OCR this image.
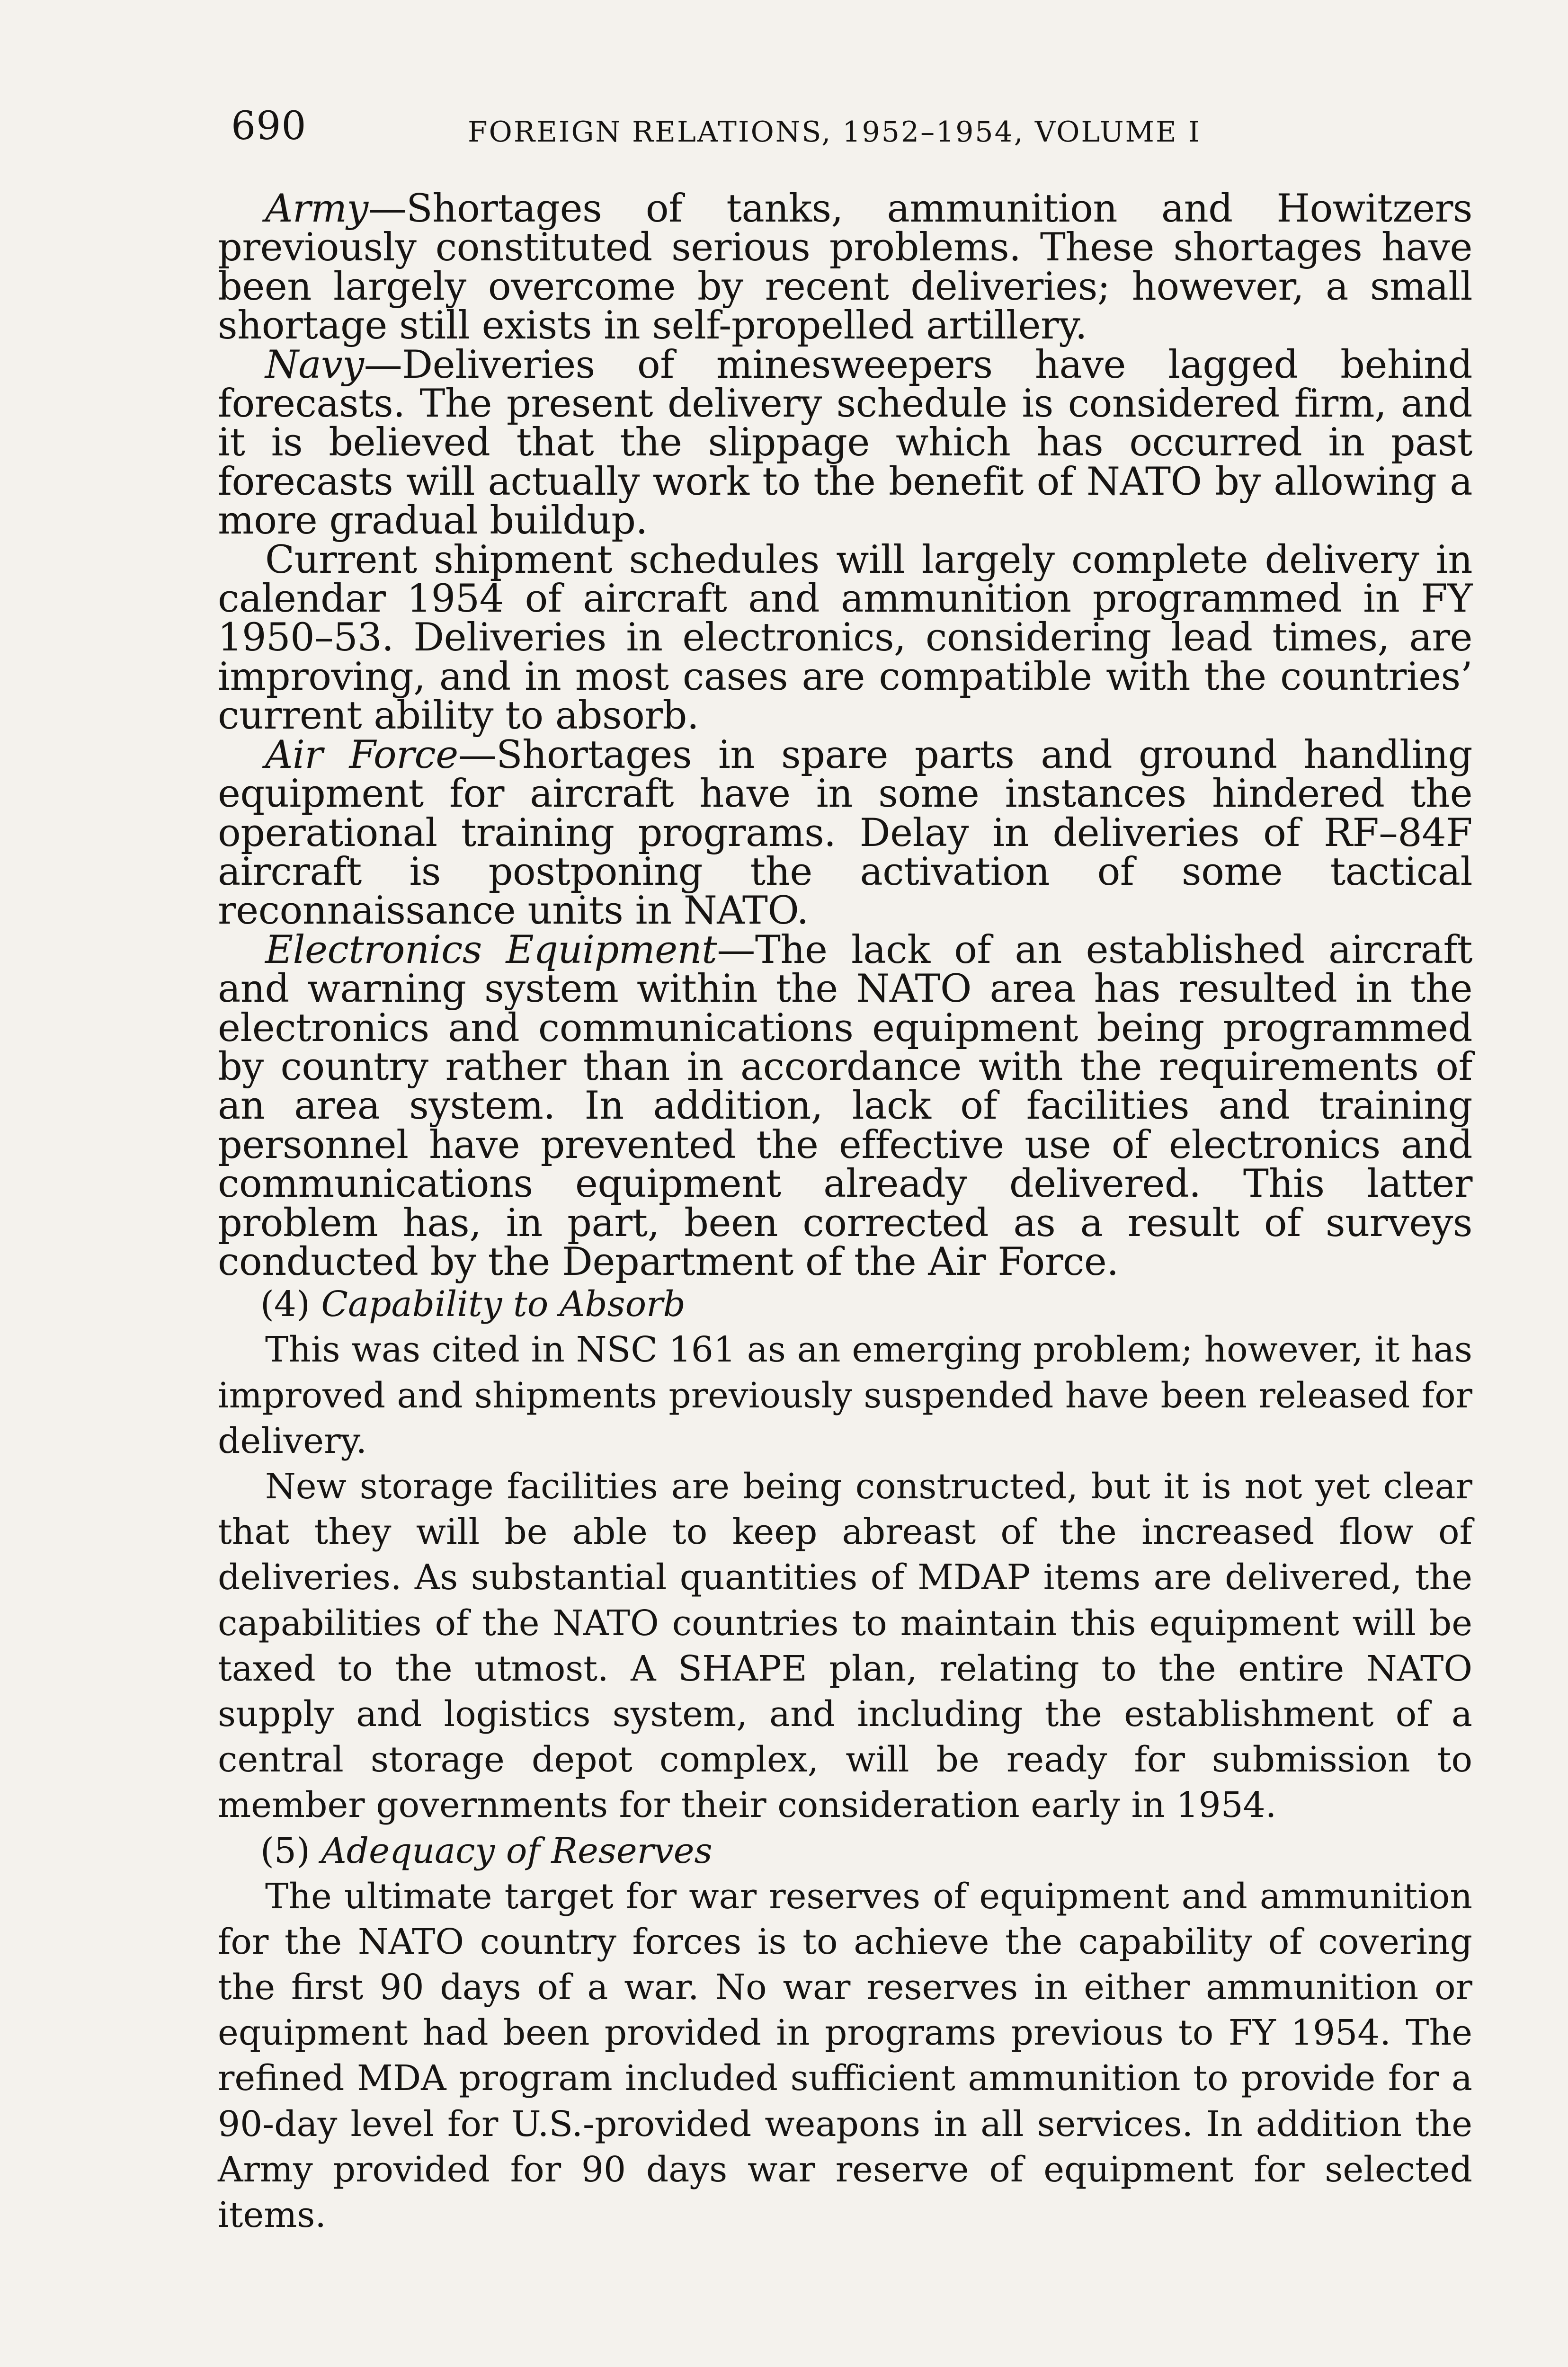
690	FOREIGN RELATIONS, 1952–1954, VOLUME I

Army—Shortages of tanks, ammunition and Howitzers previously constituted serious problems. These shortages have been largely overcome by recent deliveries; however, a small shortage still exists in self-propelled artillery.

Navy—Deliveries of minesweepers have lagged behind forecasts. The present delivery schedule is considered firm, and it is believed that the slippage which has occurred in past forecasts will actually work to the benefit of NATO by allowing a more gradual buildup.

Current shipment schedules will largely complete delivery in calendar 1954 of aircraft and ammunition programmed in FY 1950–53. Deliveries in electronics, considering lead times, are improving, and in most cases are compatible with the countries’ current ability to absorb.

Air Force—Shortages in spare parts and ground handling equipment for aircraft have in some instances hindered the operational training programs. Delay in deliveries of RF–84F aircraft is postponing the activation of some tactical reconnaissance units in NATO.

Electronics Equipment—The lack of an established aircraft and warning system within the NATO area has resulted in the electronics and communications equipment being programmed by country rather than in accordance with the requirements of an area system. In addition, lack of facilities and training personnel have prevented the effective use of electronics and communications equipment already delivered. This latter problem has, in part, been corrected as a result of surveys conducted by the Department of the Air Force.

(4) Capability to Absorb

This was cited in NSC 161 as an emerging problem; however, it has improved and shipments previously suspended have been released for delivery.

New storage facilities are being constructed, but it is not yet clear that they will be able to keep abreast of the increased flow of deliveries. As substantial quantities of MDAP items are delivered, the capabilities of the NATO countries to maintain this equipment will be taxed to the utmost. A SHAPE plan, relating to the entire NATO supply and logistics system, and including the establishment of a central storage depot complex, will be ready for submission to member governments for their consideration early in 1954.

(5) Adequacy of Reserves

The ultimate target for war reserves of equipment and ammunition for the NATO country forces is to achieve the capability of covering the first 90 days of a war. No war reserves in either ammunition or equipment had been provided in programs previous to FY 1954. The refined MDA program included sufficient ammunition to provide for a 90-day level for U.S.-provided weapons in all services. In addition the Army provided for 90 days war reserve of equipment for selected items.
